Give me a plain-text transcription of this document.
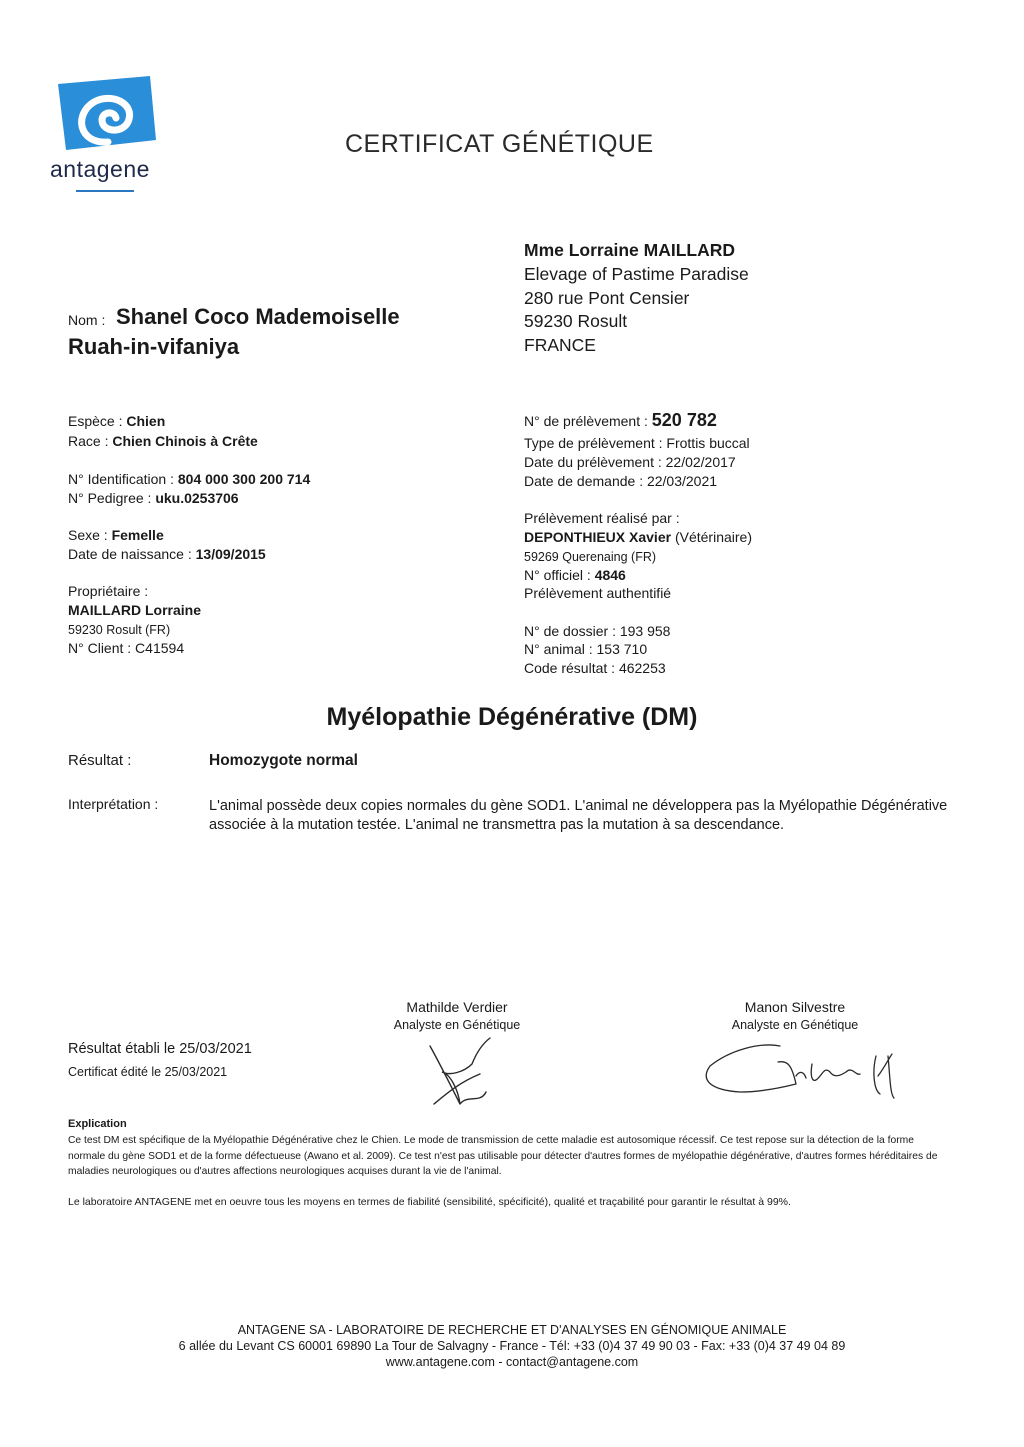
antagene
CERTIFICAT GÉNÉTIQUE
Mme Lorraine MAILLARD
Elevage of Pastime Paradise
280 rue Pont Censier
59230 Rosult
FRANCE
Nom : Shanel Coco Mademoiselle
Ruah-in-vifaniya
Espèce : Chien
Race : Chien Chinois à Crête
N° Identification : 804 000 300 200 714
N° Pedigree : uku.0253706
Sexe : Femelle
Date de naissance : 13/09/2015
Propriétaire :
MAILLARD Lorraine
59230 Rosult (FR)
N° Client : C41594
N° de prélèvement : 520 782
Type de prélèvement : Frottis buccal
Date du prélèvement : 22/02/2017
Date de demande : 22/03/2021
Prélèvement réalisé par :
DEPONTHIEUX Xavier (Vétérinaire)
59269 Querenaing (FR)
N° officiel : 4846
Prélèvement authentifié
N° de dossier : 193 958
N° animal : 153 710
Code résultat : 462253
Myélopathie Dégénérative (DM)
Résultat :	Homozygote normal
Interprétation :	L'animal possède deux copies normales du gène SOD1. L'animal ne développera pas la Myélopathie Dégénérative associée à la mutation testée. L'animal ne transmettra pas la mutation à sa descendance.
Mathilde Verdier
Analyste en Génétique
Manon Silvestre
Analyste en Génétique
Résultat établi le 25/03/2021
Certificat édité le 25/03/2021
Explication
Ce test DM est spécifique de la Myélopathie Dégénérative chez le Chien. Le mode de transmission de cette maladie est autosomique récessif. Ce test repose sur la détection de la forme normale du gène SOD1 et de la forme défectueuse (Awano et al. 2009). Ce test n'est pas utilisable pour détecter d'autres formes de myélopathie dégénérative, d'autres formes héréditaires de maladies neurologiques ou d'autres affections neurologiques acquises durant la vie de l'animal.
Le laboratoire ANTAGENE met en oeuvre tous les moyens en termes de fiabilité (sensibilité, spécificité), qualité et traçabilité pour garantir le résultat à 99%.
ANTAGENE SA - LABORATOIRE DE RECHERCHE ET D'ANALYSES EN GÉNOMIQUE ANIMALE
6 allée du Levant CS 60001 69890 La Tour de Salvagny - France - Tél: +33 (0)4 37 49 90 03 - Fax: +33 (0)4 37 49 04 89
www.antagene.com - contact@antagene.com
